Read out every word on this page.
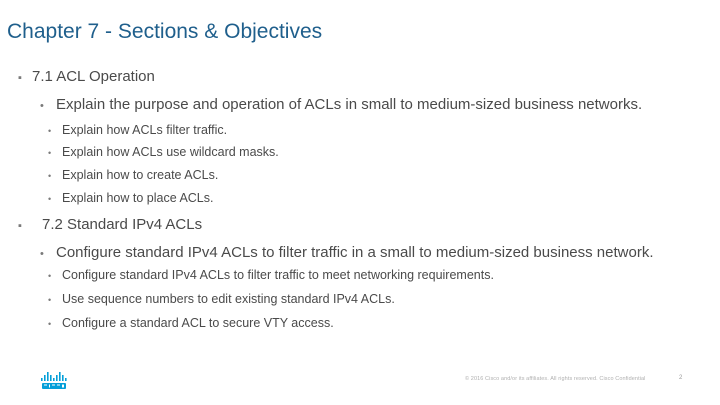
Chapter 7 - Sections & Objectives
▪ 7.1 ACL Operation
• Explain the purpose and operation of ACLs in small to medium-sized business networks.
• Explain how ACLs filter traffic.
• Explain how ACLs use wildcard masks.
• Explain how to create ACLs.
• Explain how to place ACLs.
▪	7.2 Standard IPv4 ACLs
• Configure standard IPv4 ACLs to filter traffic in a small to medium-sized business network.
• Configure standard IPv4 ACLs to filter traffic to meet networking requirements.
• Use sequence numbers to edit existing standard IPv4 ACLs.
• Configure a standard ACL to secure VTY access.
© 2016 Cisco and/or its affiliates. All rights reserved. Cisco Confidential	2
